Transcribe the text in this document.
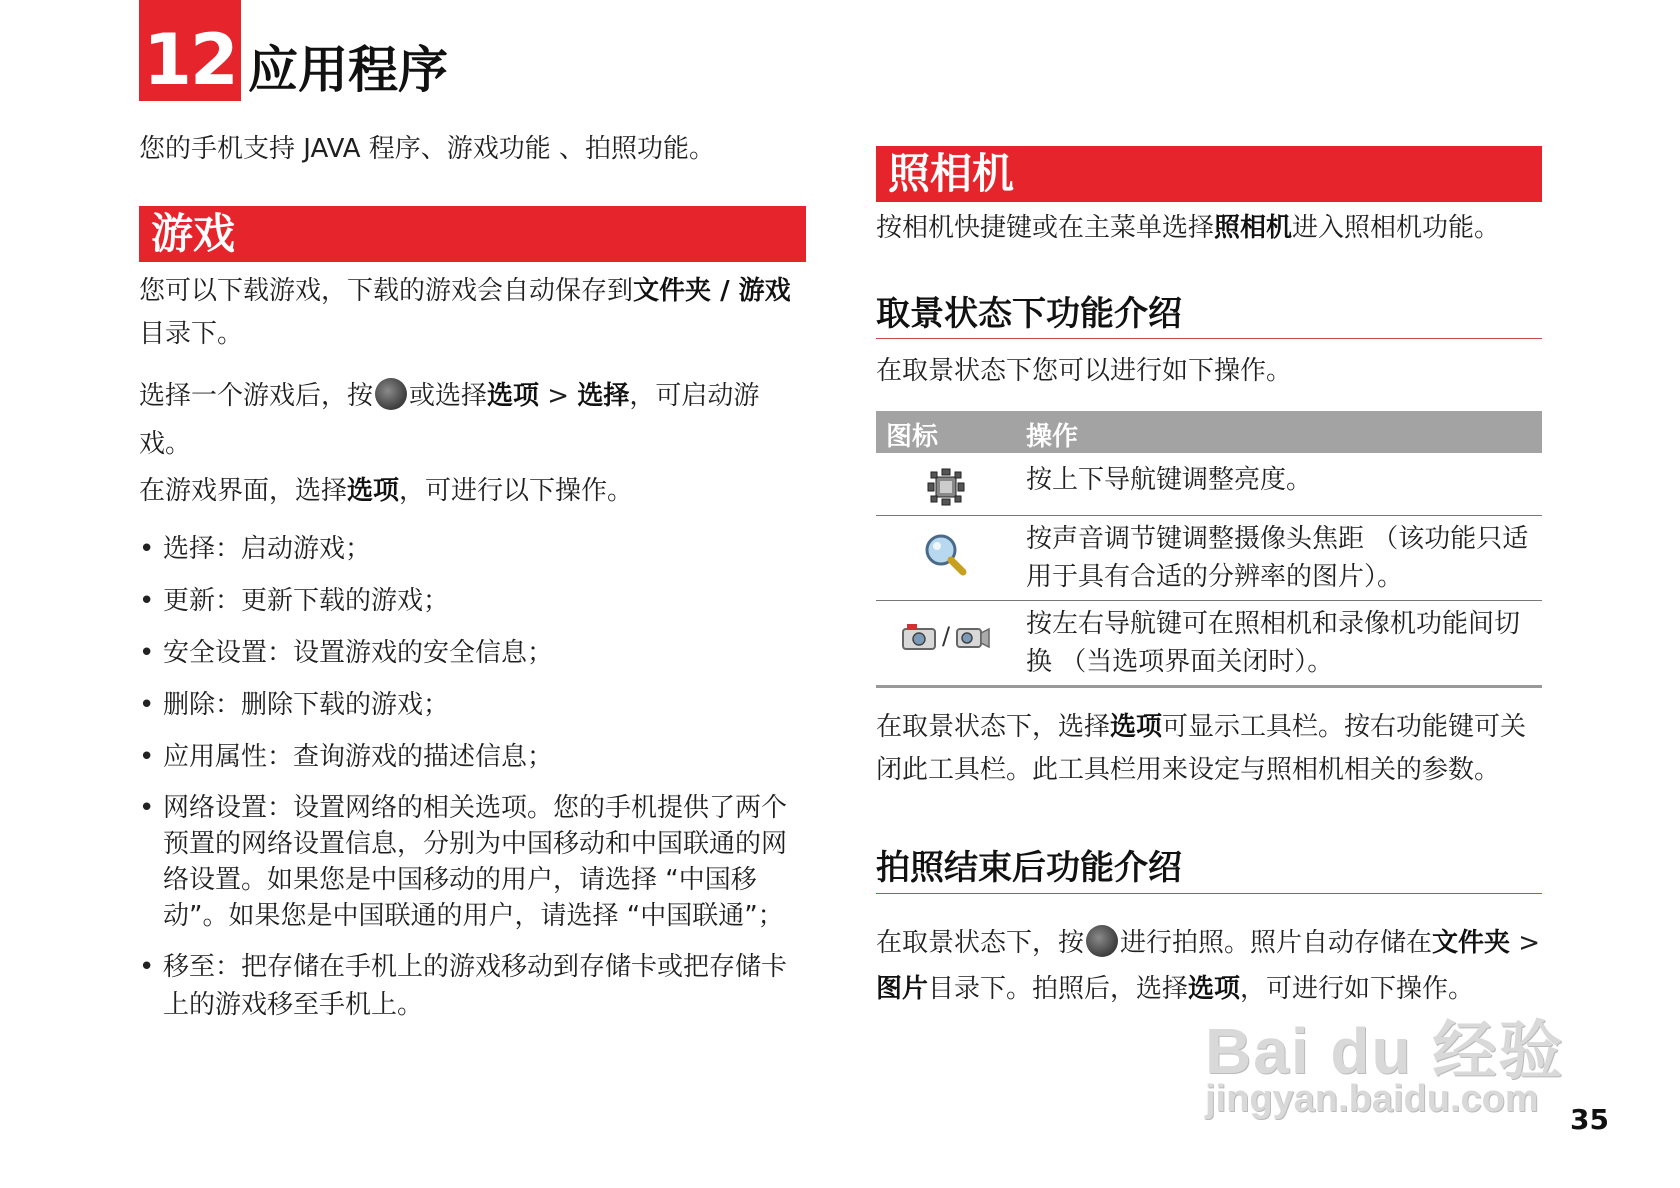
12 应用程序
您的手机支持 JAVA 程序、游戏功能 、拍照功能。
游戏
您可以下载游戏，下载的游戏会自动保存到文件夹 / 游戏目录下。
选择一个游戏后，按 或选择选项 > 选择，可启动游戏。
在游戏界面，选择选项，可进行以下操作。
• 选择：启动游戏；
• 更新：更新下载的游戏；
• 安全设置：设置游戏的安全信息；
• 删除：删除下载的游戏；
• 应用属性：查询游戏的描述信息；
• 网络设置：设置网络的相关选项。您的手机提供了两个预置的网络设置信息，分别为中国移动和中国联通的网络设置。如果您是中国移动的用户，请选择 “中国移动”。如果您是中国联通的用户，请选择 “中国联通”；
• 移至：把存储在手机上的游戏移动到存储卡或把存储卡上的游戏移至手机上。
照相机
按相机快捷键或在主菜单选择照相机进入照相机功能。
取景状态下功能介绍
在取景状态下您可以进行如下操作。
图标	操作
按上下导航键调整亮度。
按声音调节键调整摄像头焦距 （该功能只适用于具有合适的分辨率的图片）。
/	按左右导航键可在照相机和录像机功能间切换 （当选项界面关闭时）。
在取景状态下，选择选项可显示工具栏。按右功能键可关闭此工具栏。此工具栏用来设定与照相机相关的参数。
拍照结束后功能介绍
在取景状态下，按 进行拍照。照片自动存储在文件夹 > 图片目录下。拍照后，选择选项，可进行如下操作。
Bai du 经验
jingyan.baidu.com 35
